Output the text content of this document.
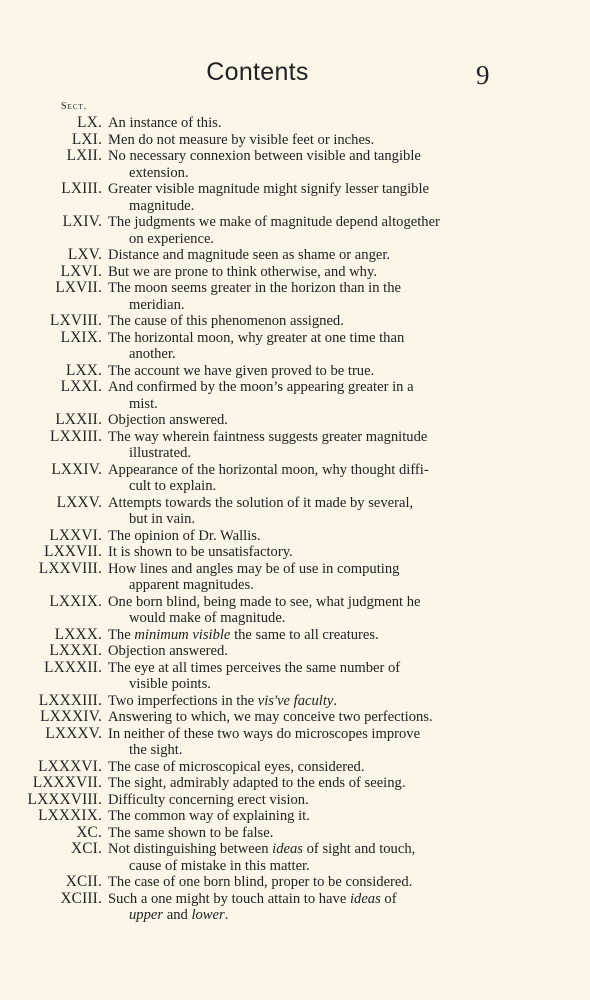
Contents	9
Sect.
LX. An instance of this.
LXI. Men do not measure by visible feet or inches.
LXII. No necessary connexion between visible and tangible
extension.
LXIII. Greater visible magnitude might signify lesser tangible
magnitude.
LXIV. The judgments we make of magnitude depend altogether
on experience.
LXV. Distance and magnitude seen as shame or anger.
LXVI. But we are prone to think otherwise, and why.
LXVII. The moon seems greater in the horizon than in the
meridian.
LXVIII. The cause of this phenomenon assigned.
LXIX. The horizontal moon, why greater at one time than
another.
LXX. The account we have given proved to be true.
LXXI. And confirmed by the moon’s appearing greater in a
mist.
LXXII. Objection answered.
LXXIII. The way wherein faintness suggests greater magnitude
illustrated.
LXXIV. Appearance of the horizontal moon, why thought diffi-
cult to explain.
LXXV. Attempts towards the solution of it made by several,
but in vain.
LXXVI. The opinion of Dr. Wallis.
LXXVII. It is shown to be unsatisfactory.
LXXVIII. How lines and angles may be of use in computing
apparent magnitudes.
LXXIX. One born blind, being made to see, what judgment he
would make of magnitude.
LXXX. The minimum visible the same to all creatures.
LXXXI. Objection answered.
LXXXII. The eye at all times perceives the same number of
visible points.
LXXXIII. Two imperfections in the vis've faculty.
LXXXIV. Answering to which, we may conceive two perfections.
LXXXV. In neither of these two ways do microscopes improve
the sight.
LXXXVI. The case of microscopical eyes, considered.
LXXXVII. The sight, admirably adapted to the ends of seeing.
LXXXVIII. Difficulty concerning erect vision.
LXXXIX. The common way of explaining it.
XC. The same shown to be false.
XCI. Not distinguishing between ideas of sight and touch,
cause of mistake in this matter.
XCII. The case of one born blind, proper to be considered.
XCIII. Such a one might by touch attain to have ideas of
upper and lower.
